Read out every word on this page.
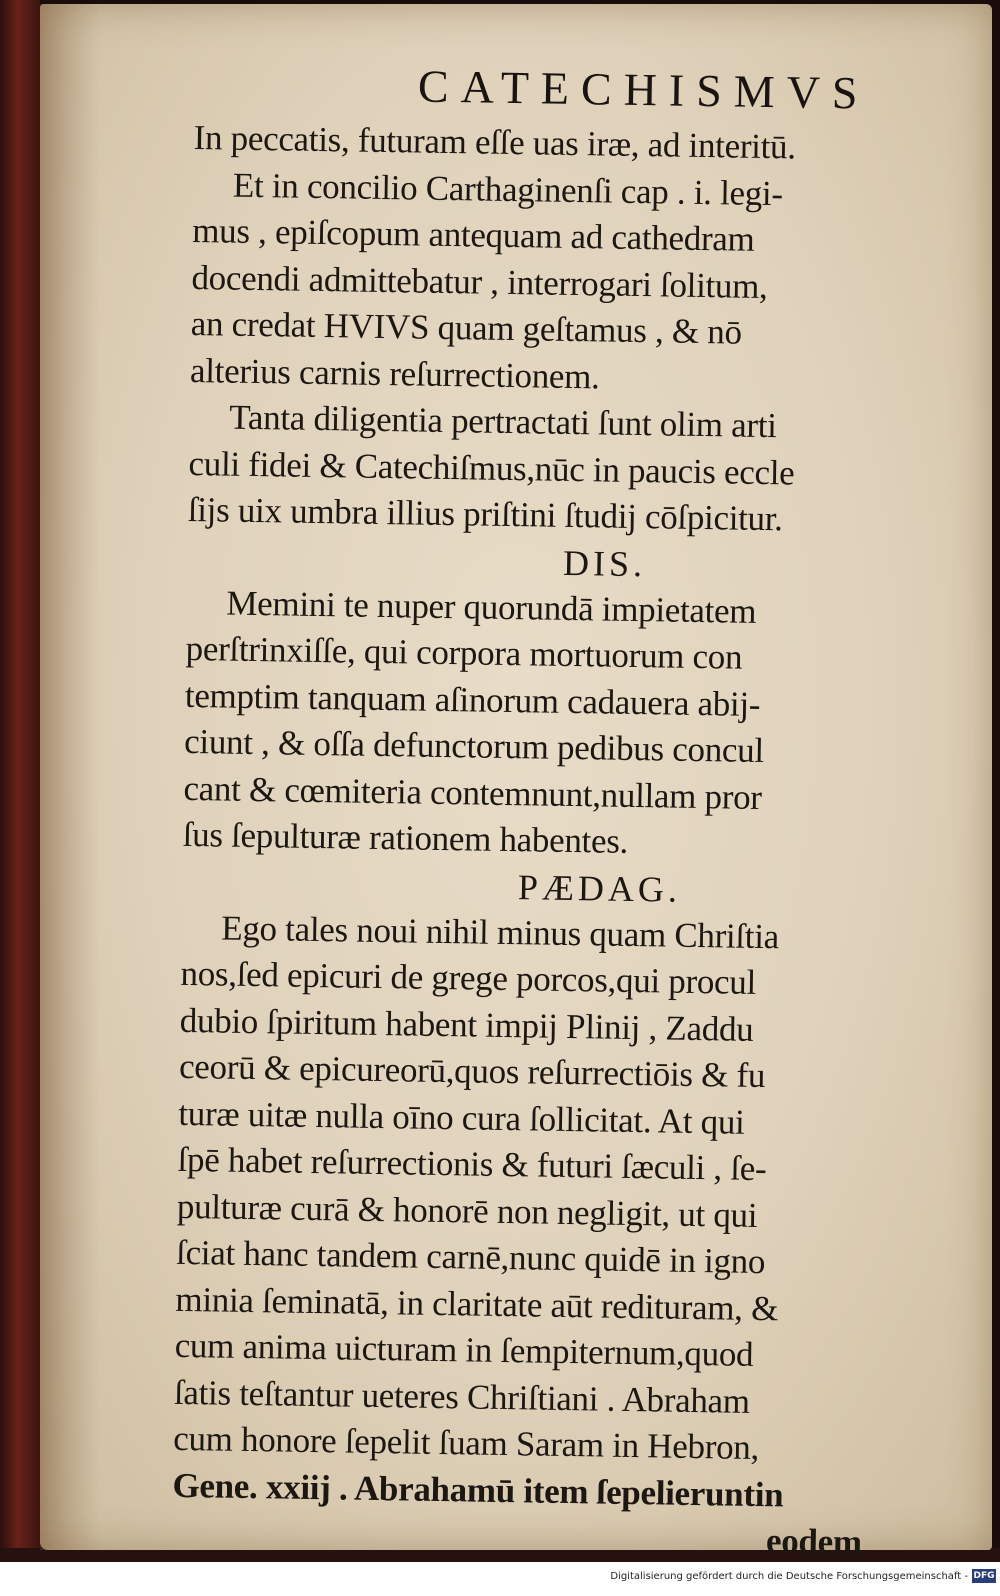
CATECHISMVS

In peccatis, futuram eſſe uas iræ, ad interitū.

Et in concilio Carthaginenſi cap . i. legi-

mus , epiſcopum antequam ad cathedram

docendi admittebatur , interrogari ſolitum,

an credat HVIVS quam geſtamus , & nō

alterius carnis reſurrectionem.

Tanta diligentia pertractati ſunt olim arti

culi fidei & Catechiſmus,nūc in paucis eccle

ſijs uix umbra illius priſtini ſtudij cōſpicitur.

DIS.

Memini te nuper quorundā impietatem

perſtrinxiſſe, qui corpora mortuorum con

temptim tanquam aſinorum cadauera abij-

ciunt , & oſſa defunctorum pedibus concul

cant & cœmiteria contemnunt,nullam pror

ſus ſepulturæ rationem habentes.

PÆDAG.

Ego tales noui nihil minus quam Chriſtia

nos,ſed epicuri de grege porcos,qui procul

dubio ſpiritum habent impij Plinij , Zaddu

ceorū & epicureorū,quos reſurrectiōis & fu

turæ uitæ nulla oīno cura ſollicitat. At qui

ſpē habet reſurrectionis & futuri ſæculi , ſe-

pulturæ curā & honorē non negligit, ut qui

ſciat hanc tandem carnē,nunc quidē in igno

minia ſeminatā, in claritate aūt redituram, &

cum anima uicturam in ſempiternum,quod

ſatis teſtantur ueteres Chriſtiani . Abraham

cum honore ſepelit ſuam Saram in Hebron,

Gene. xxiij . Abrahamū item ſepelieruntin

eodem

Digitalisierung gefördert durch die Deutsche Forschungsgemeinschaft - DFG
